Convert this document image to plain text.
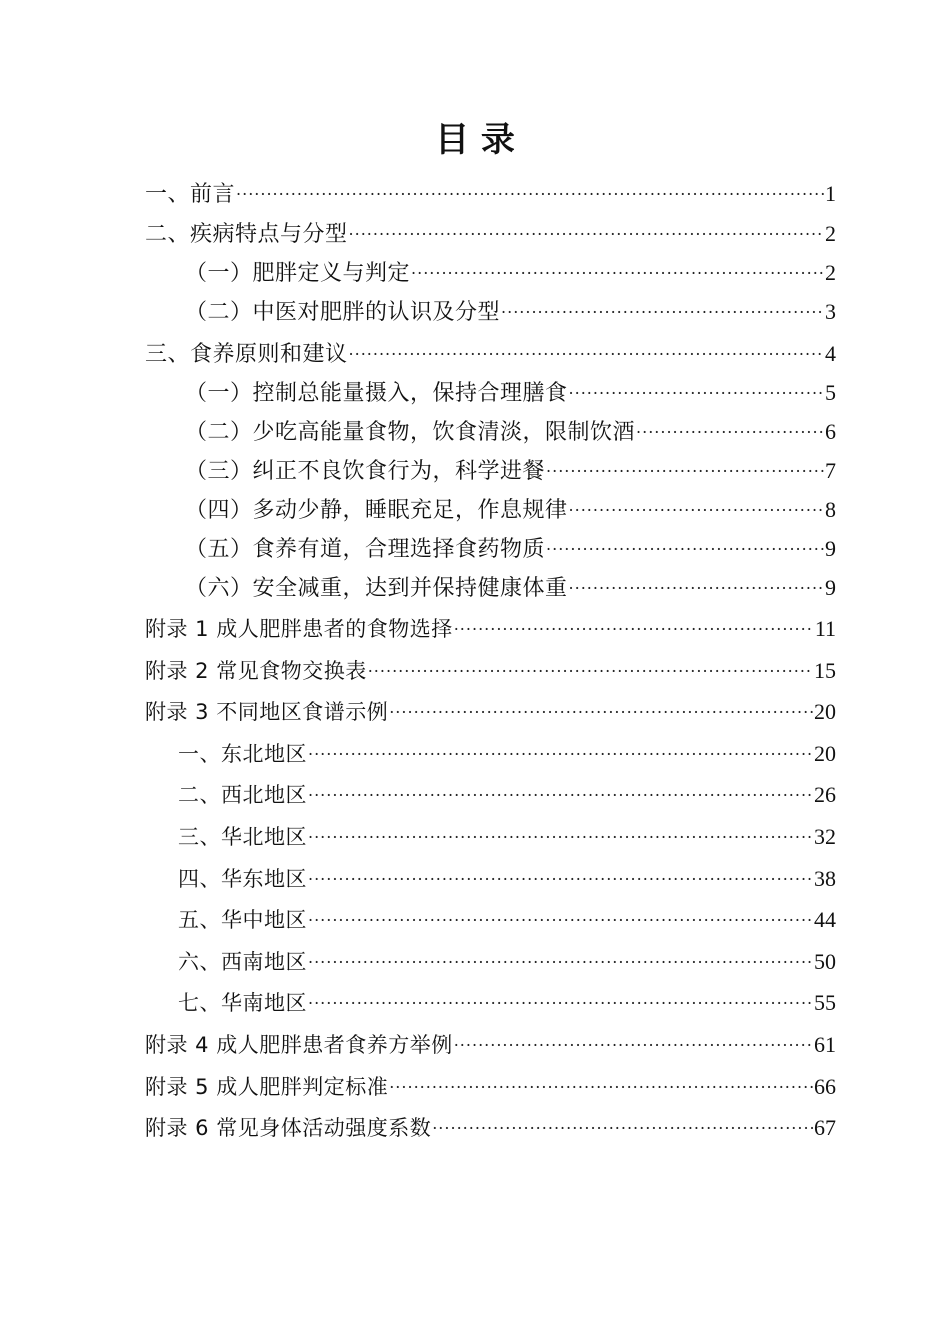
目 录
一、前言 .....	1
二、疾病特点与分型 .....	2
（一）肥胖定义与判定 .....	2
（二）中医对肥胖的认识及分型 .....	3
三、食养原则和建议 .....	4
（一）控制总能量摄入，保持合理膳食 .....	5
（二）少吃高能量食物，饮食清淡，限制饮酒 .....	6
（三）纠正不良饮食行为，科学进餐 .....	7
（四）多动少静，睡眠充足，作息规律 .....	8
（五）食养有道，合理选择食药物质 .....	9
（六）安全减重，达到并保持健康体重 .....	9
附录 1 成人肥胖患者的食物选择 .....	11
附录 2 常见食物交换表 .....	15
附录 3 不同地区食谱示例 .....	20
一、东北地区 .....	20
二、西北地区 .....	26
三、华北地区 .....	32
四、华东地区 .....	38
五、华中地区 .....	44
六、西南地区 .....	50
七、华南地区 .....	55
附录 4 成人肥胖患者食养方举例 .....	61
附录 5 成人肥胖判定标准 .....	66
附录 6 常见身体活动强度系数 .....	67
